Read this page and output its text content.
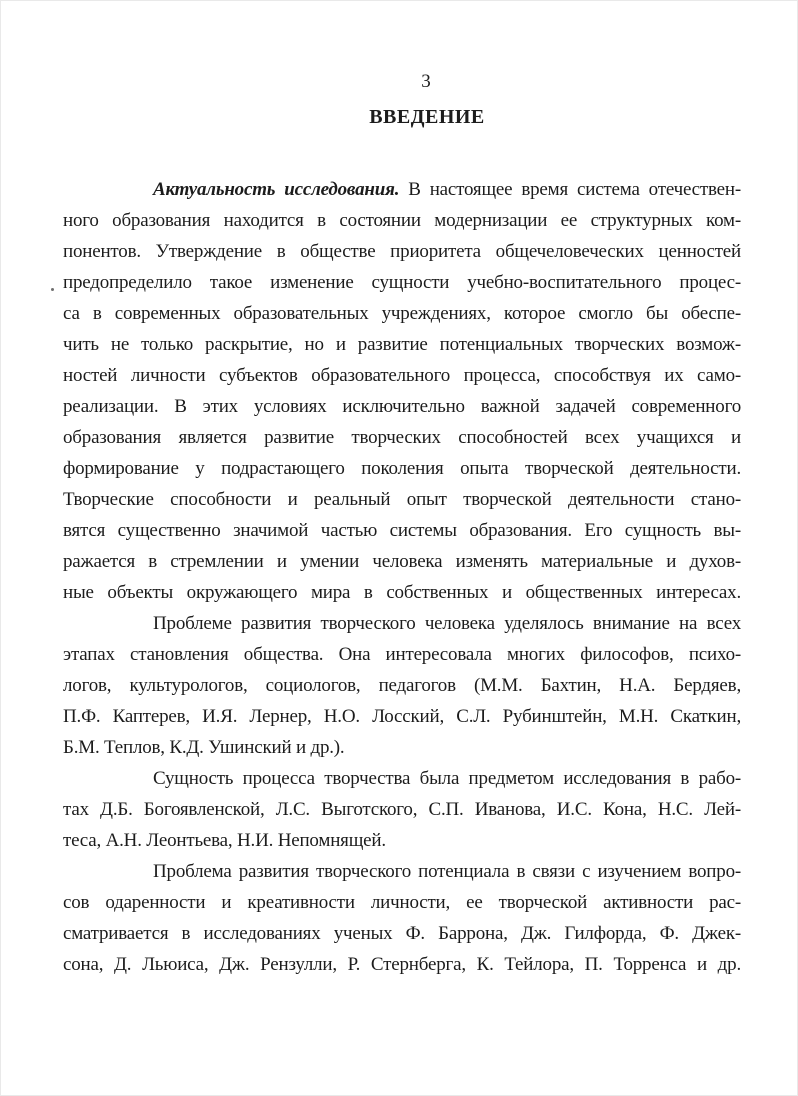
3
ВВЕДЕНИЕ
Актуальность исследования. В настоящее время система отечествен-
ного образования находится в состоянии модернизации ее структурных ком-
понентов. Утверждение в обществе приоритета общечеловеческих ценностей
предопределило такое изменение сущности учебно-воспитательного процес-
са в современных образовательных учреждениях, которое смогло бы обеспе-
чить не только раскрытие, но и развитие потенциальных творческих возмож-
ностей личности субъектов образовательного процесса, способствуя их само-
реализации. В этих условиях исключительно важной задачей современного
образования является развитие творческих способностей всех учащихся и
формирование у подрастающего поколения опыта творческой деятельности.
Творческие способности и реальный опыт творческой деятельности стано-
вятся существенно значимой частью системы образования. Его сущность вы-
ражается в стремлении и умении человека изменять материальные и духов-
ные объекты окружающего мира в собственных и общественных интересах.
Проблеме развития творческого человека уделялось внимание на всех
этапах становления общества. Она интересовала многих философов, психо-
логов, культурологов, социологов, педагогов (М.М. Бахтин, Н.А. Бердяев,
П.Ф. Каптерев, И.Я. Лернер, Н.О. Лосский, С.Л. Рубинштейн, М.Н. Скаткин,
Б.М. Теплов, К.Д. Ушинский и др.).
Сущность процесса творчества была предметом исследования в рабо-
тах Д.Б. Богоявленской, Л.С. Выготского, С.П. Иванова, И.С. Кона, Н.С. Лей-
теса, А.Н. Леонтьева, Н.И. Непомнящей.
Проблема развития творческого потенциала в связи с изучением вопро-
сов одаренности и креативности личности, ее творческой активности рас-
сматривается в исследованиях ученых Ф. Баррона, Дж. Гилфорда, Ф. Джек-
сона, Д. Льюиса, Дж. Рензулли, Р. Стернберга, К. Тейлора, П. Торренса и др.
